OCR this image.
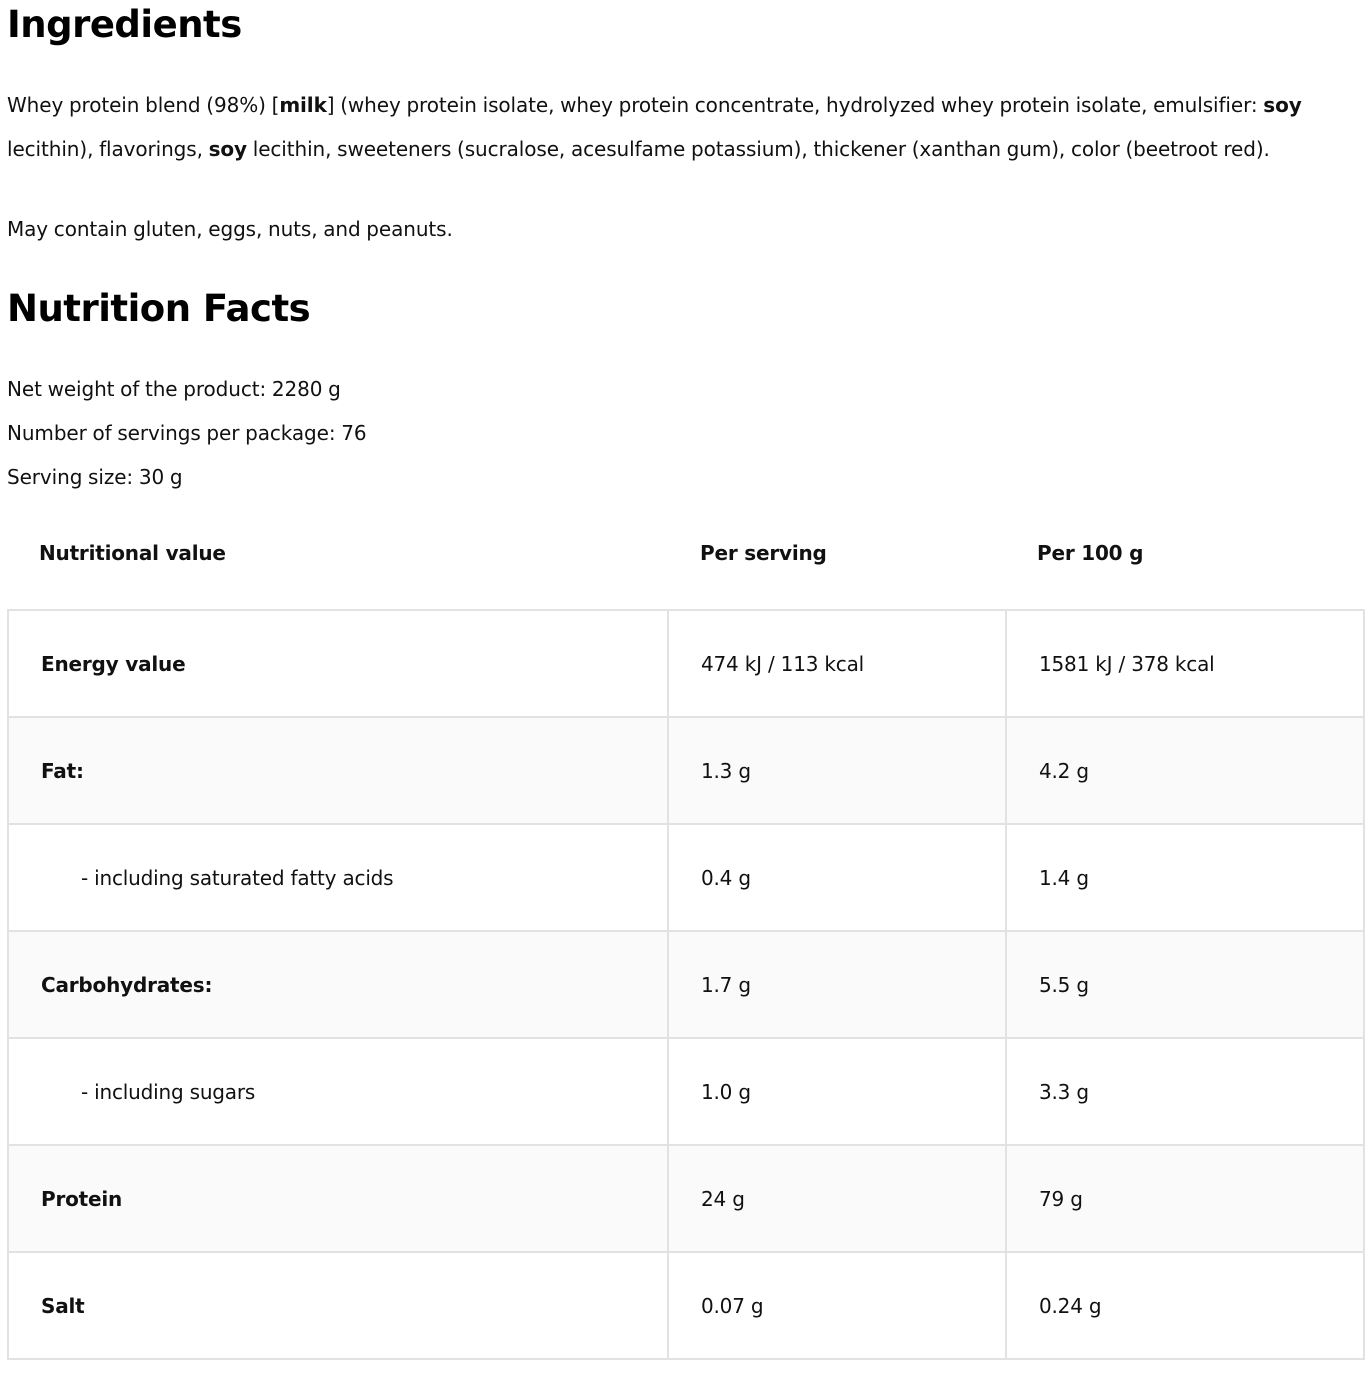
Ingredients

Whey protein blend (98%) [milk] (whey protein isolate, whey protein concentrate, hydrolyzed whey protein isolate, emulsifier: soy lecithin), flavorings, soy lecithin, sweeteners (sucralose, acesulfame potassium), thickener (xanthan gum), color (beetroot red).

May contain gluten, eggs, nuts, and peanuts.

Nutrition Facts

Net weight of the product: 2280 g

Number of servings per package: 76

Serving size: 30 g

Nutritional value	Per serving	Per 100 g
Energy value	474 kJ / 113 kcal	1581 kJ / 378 kcal
Fat:	1.3 g	4.2 g
- including saturated fatty acids	0.4 g	1.4 g
Carbohydrates:	1.7 g	5.5 g
- including sugars	1.0 g	3.3 g
Protein	24 g	79 g
Salt	0.07 g	0.24 g
